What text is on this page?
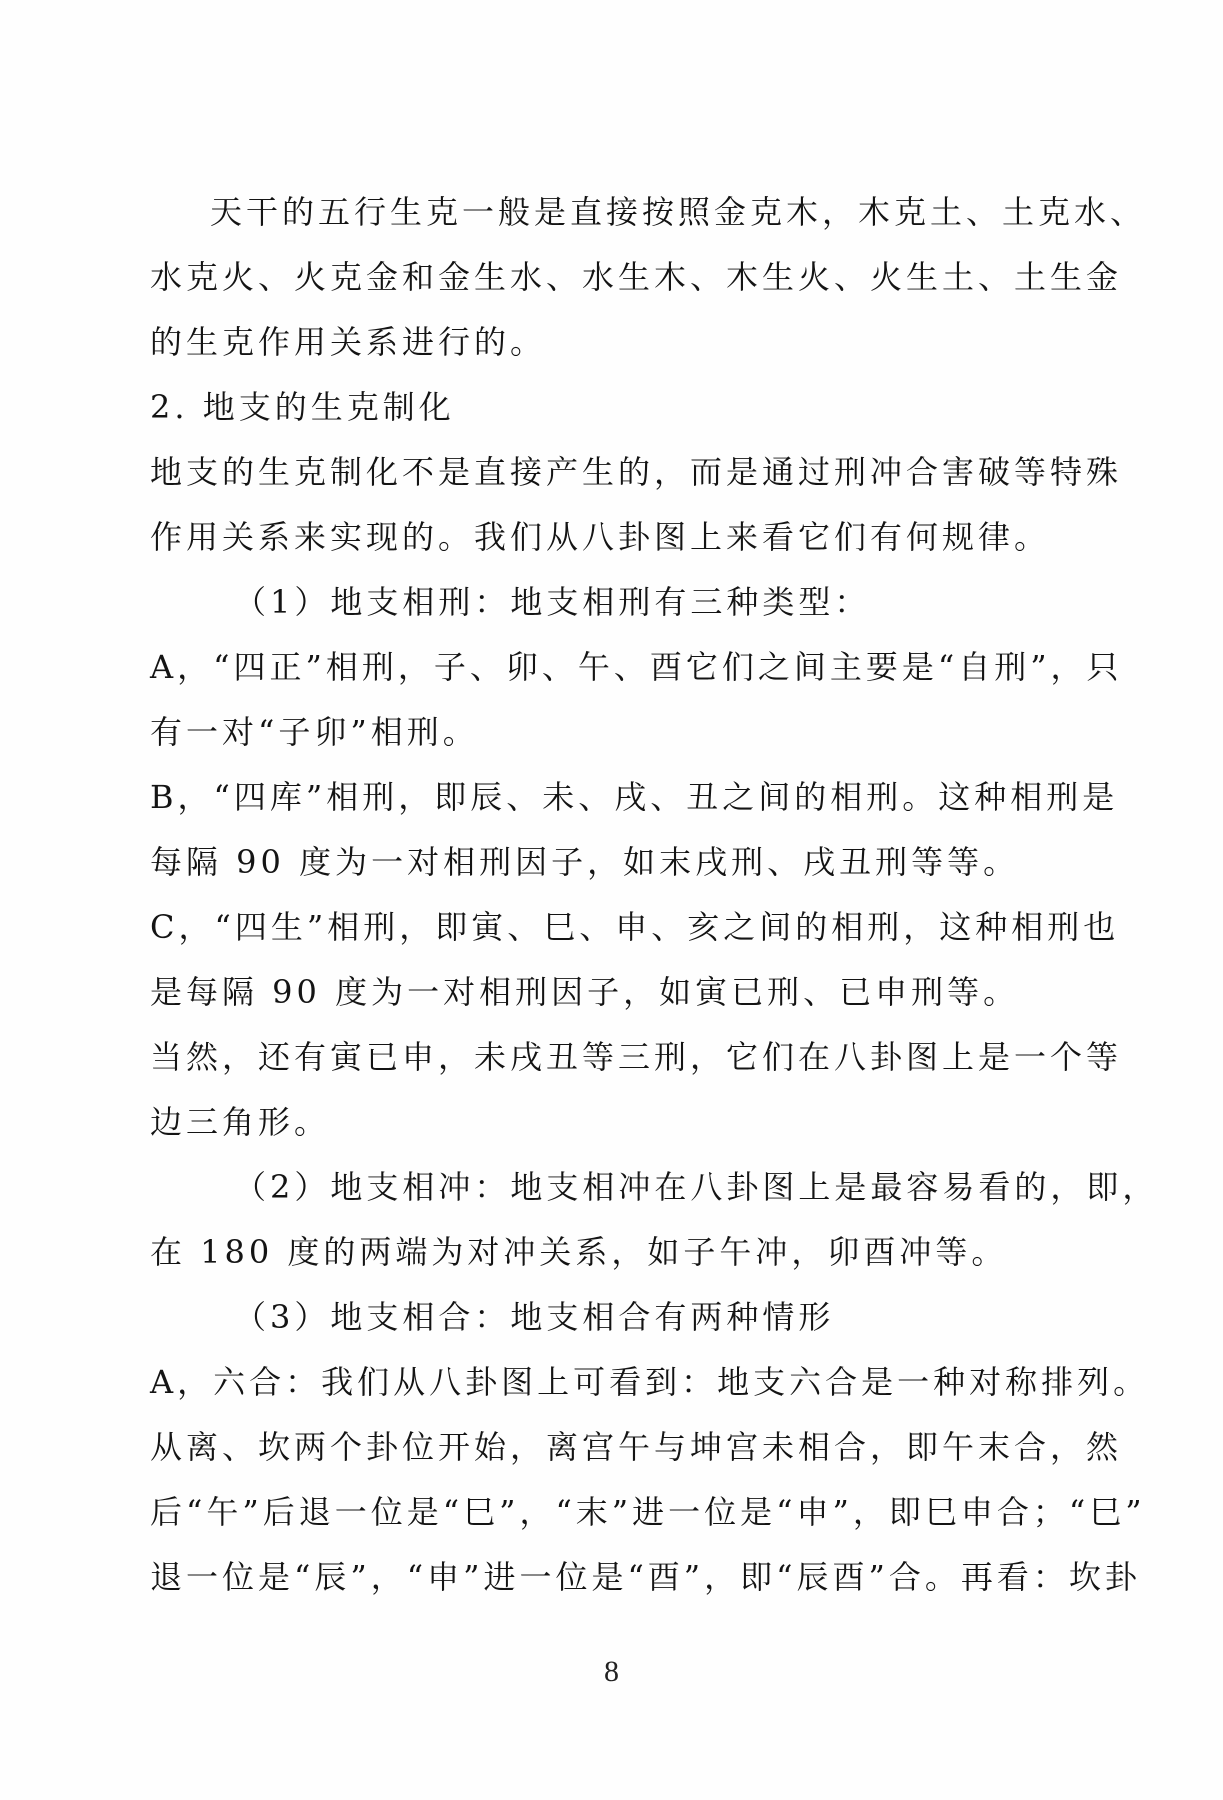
天干的五行生克一般是直接按照金克木，木克土、土克水、
水克火、火克金和金生水、水生木、木生火、火生土、土生金
的生克作用关系进行的。
2. 地支的生克制化
地支的生克制化不是直接产生的，而是通过刑冲合害破等特殊
作用关系来实现的。我们从八卦图上来看它们有何规律。
（1）地支相刑：地支相刑有三种类型：
A，“四正”相刑，子、卯、午、酉它们之间主要是“自刑”，只
有一对“子卯”相刑。
B，“四库”相刑，即辰、未、戌、丑之间的相刑。这种相刑是
每隔 90 度为一对相刑因子，如末戌刑、戌丑刑等等。
C，“四生”相刑，即寅、巳、申、亥之间的相刑，这种相刑也
是每隔 90 度为一对相刑因子，如寅已刑、已申刑等。
当然，还有寅已申，未戌丑等三刑，它们在八卦图上是一个等
边三角形。
（2）地支相冲：地支相冲在八卦图上是最容易看的，即，
在 180 度的两端为对冲关系，如子午冲，卯酉冲等。
（3）地支相合：地支相合有两种情形
A，六合：我们从八卦图上可看到：地支六合是一种对称排列。
从离、坎两个卦位开始，离宫午与坤宫未相合，即午末合，然
后“午”后退一位是“巳”，“末”进一位是“申”，即巳申合；“巳”
退一位是“辰”，“申”进一位是“酉”，即“辰酉”合。再看：坎卦
8
